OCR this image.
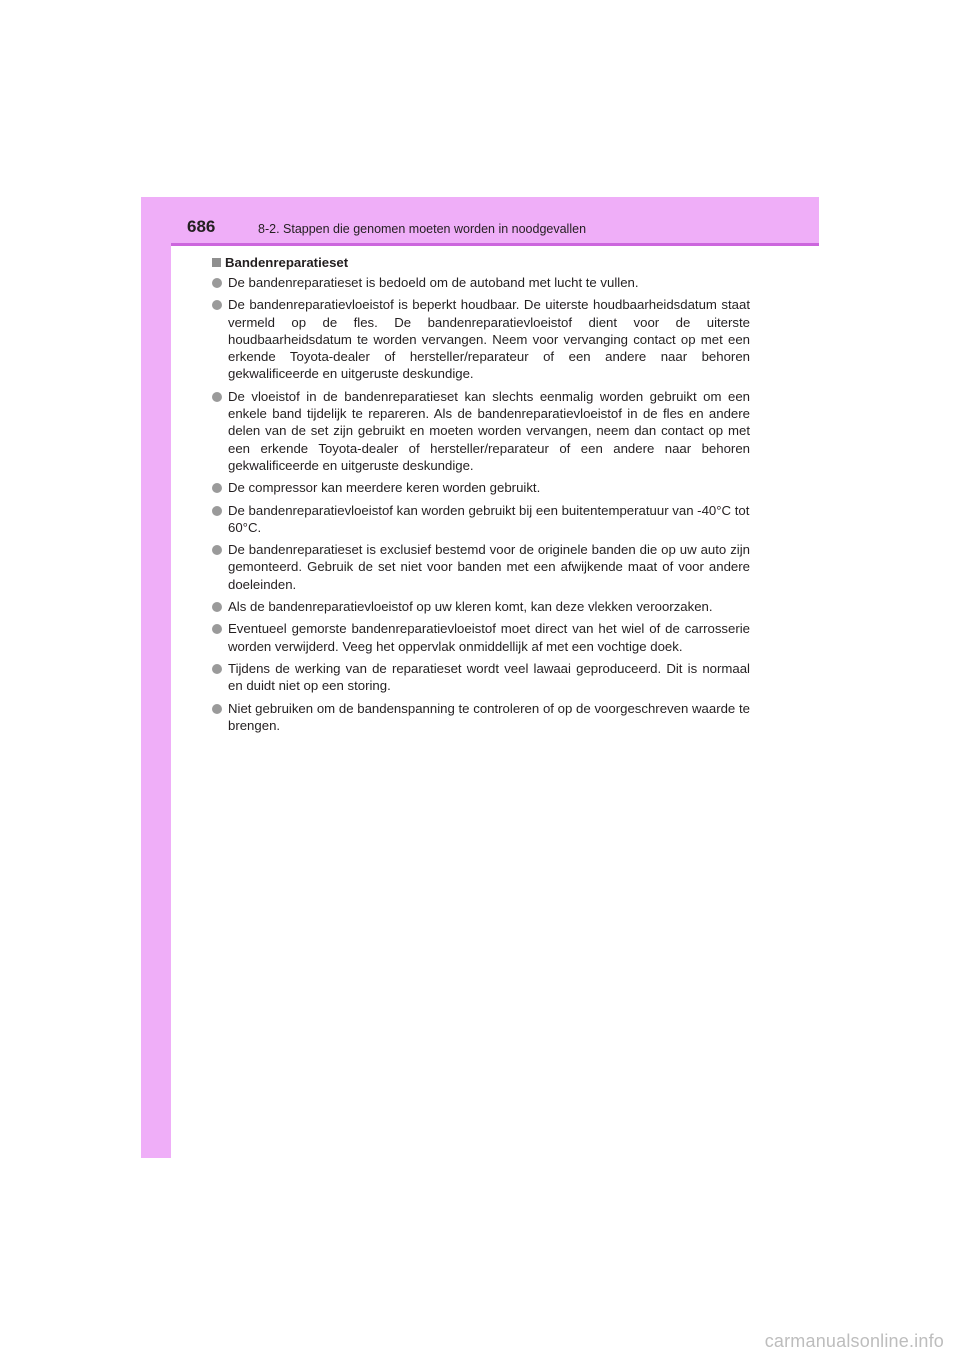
686	8-2. Stappen die genomen moeten worden in noodgevallen
Bandenreparatieset
De bandenreparatieset is bedoeld om de autoband met lucht te vullen.
De bandenreparatievloeistof is beperkt houdbaar. De uiterste houdbaarheidsdatum staat vermeld op de fles. De bandenreparatievloeistof dient voor de uiterste houdbaarheidsdatum te worden vervangen. Neem voor vervanging contact op met een erkende Toyota-dealer of hersteller/reparateur of een andere naar behoren gekwalificeerde en uitgeruste deskundige.
De vloeistof in de bandenreparatieset kan slechts eenmalig worden gebruikt om een enkele band tijdelijk te repareren. Als de bandenreparatievloeistof in de fles en andere delen van de set zijn gebruikt en moeten worden vervangen, neem dan contact op met een erkende Toyota-dealer of hersteller/reparateur of een andere naar behoren gekwalificeerde en uitgeruste deskundige.
De compressor kan meerdere keren worden gebruikt.
De bandenreparatievloeistof kan worden gebruikt bij een buitentemperatuur van -40°C tot 60°C.
De bandenreparatieset is exclusief bestemd voor de originele banden die op uw auto zijn gemonteerd. Gebruik de set niet voor banden met een afwijkende maat of voor andere doeleinden.
Als de bandenreparatievloeistof op uw kleren komt, kan deze vlekken veroorzaken.
Eventueel gemorste bandenreparatievloeistof moet direct van het wiel of de carrosserie worden verwijderd. Veeg het oppervlak onmiddellijk af met een vochtige doek.
Tijdens de werking van de reparatieset wordt veel lawaai geproduceerd. Dit is normaal en duidt niet op een storing.
Niet gebruiken om de bandenspanning te controleren of op de voorgeschreven waarde te brengen.
carmanualsonline.info
